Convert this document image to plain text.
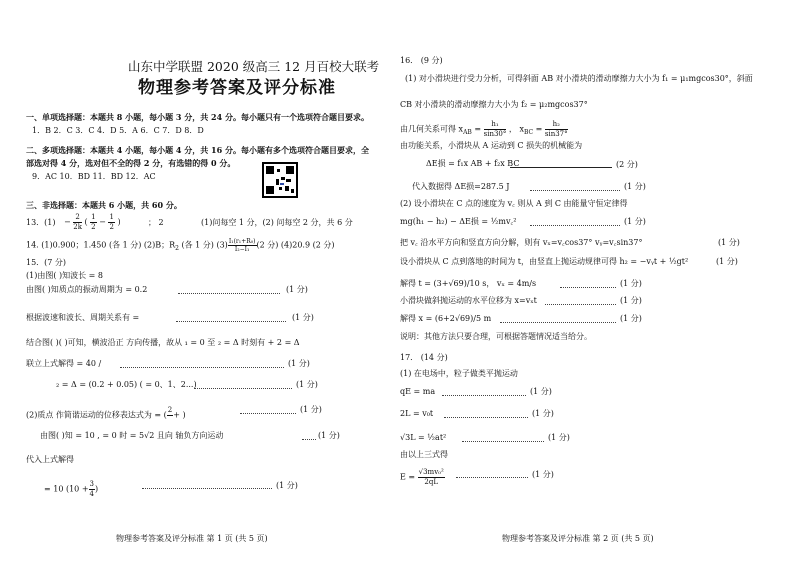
山东中学联盟 2020 级高三 12 月百校大联考
物理参考答案及评分标准
一、单项选择题：本题共 8 小题，每小题 3 分，共 24 分。每小题只有一个选项符合题目要求。
1．B 2．C 3．C 4．D 5．A 6．C 7．D 8．D
二、多项选择题：本题共 4 小题，每小题 4 分，共 16 分。每小题有多个选项符合题目要求，全
部选对得 4 分，选对但不全的得 2 分，有选错的得 0 分。
9．AC 10．BD 11．BD 12．AC
三、非选择题：本题共 6 小题，共 60 分。
13．$(1) - \frac{2}{2k}$ ( $\frac{1}{2} - \frac{1}{2}$ )	； 2	(1)问每空 1 分，(2) 问每空 2 分，共 6 分
14. (1)0.900；1.450 (各 1 分) (2)B；$R_2$ (各 1 分) $(3) \frac{\text{I₁(r₁+R₀)}}{\text{I₂−I₁}} (2$ 分) (4)20.9 (2 分)
15．(7 分)
(1)由图( )知波长 = 8
由图( )知质点的振动周期为 = 0.2	(1 分)
根据波速和波长、周期关系有 =	(1 分)
结合图( )( )可知，横波沿正 方向传播，故从 ₁ = 0 至 ₂ = Δ 时刻有 + 2 = Δ
联立上式解得 = 40 /	(1 分)
₂ = Δ = (0.2 + 0.05) ( = 0、1、2...)	(1 分)
(2)质点 作简谐运动的位移表达式为 = (
2

+ )
(1 分)
由图( )知 = 10 , = 0 时 = 5√2 且向 轴负方向运动	(1 分)
代入上式解得
= 10 ($10 + \frac{3}{4}$ )	(1 分)
物理参考答案及评分标准 第 1 页 (共 5 页)
16． (9 分)
(1) 对小滑块进行受力分析，可得斜面 AB 对小滑块的滑动摩擦力大小为 f₁ = μ₁mgcos30°，斜面
CB 对小滑块的滑动摩擦力大小为 f₂ = μ₂mgcos37°
由几何关系可得 $x_{AB} = \frac{\text{h₁}}{\sin 30^\circ}$ ， $x_{BC} = \frac{\text{h₂}}{\sin 37^\circ}$
由功能关系，小滑块从 A 运动到 C 损失的机械能为
ΔE损 = f₁x AB + f₂x BC	(2 分)
代入数据得 ΔE损=287.5 J	(1 分)
(2) 设小滑块在 C 点的速度为 v꜀ 则从 A 到 C 由能量守恒定律得
mg(h₁ − h₂) − ΔE损 = ½mv꜀²	(1 分)
把 v꜀ 沿水平方向和竖直方向分解，则有 vₓ=v꜀cos37° vᵧ=v꜀sin37°	(1 分)
设小滑块从 C 点到落地的时间为 t，由竖直上抛运动规律可得 h₂ = −vᵧt + ½gt²	(1 分)
解得 t = (3+√69)/10 s， vₓ = 4m/s	(1 分)
小滑块做斜抛运动的水平位移为 x=vₓt	(1 分)
解得 x = (6+2√69)/5 m	(1 分)
说明：其他方法只要合理，可根据答题情况适当给分。
17． (14 分)
(1) 在电场中，粒子做类平抛运动
qE = ma	(1 分)
2L = v₀t	(1 分)
√3L = ½at²	(1 分)
由以上三式得
$E = \frac{\text{√3mv₀²}}{2qL}$	(1 分)
物理参考答案及评分标准 第 2 页 (共 5 页)
